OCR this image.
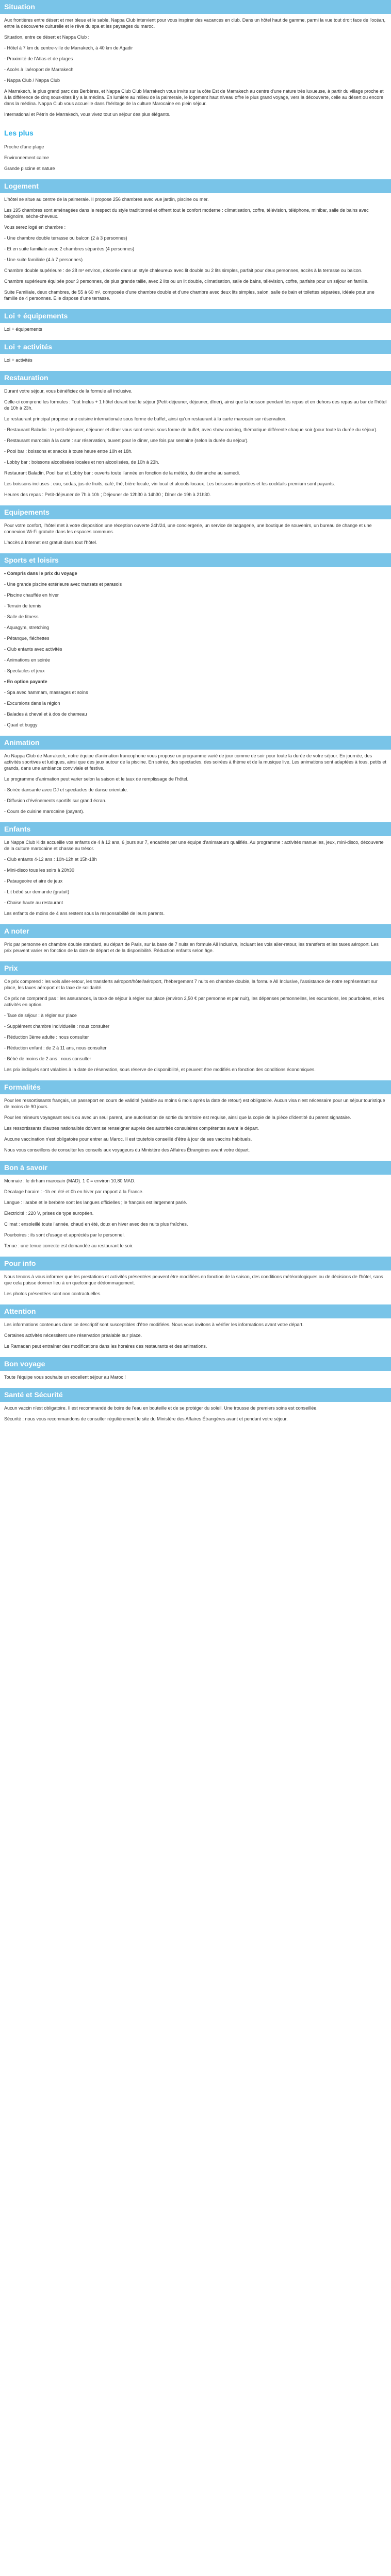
Situation

Aux frontières entre désert et mer bleue et le sable, Nappa Club intervient pour vous inspirer des vacances en club. Dans un hôtel haut de gamme, parmi la vue tout droit face de l'océan, entre la découverte culturelle et le rêve du spa et les paysages du maroc.

Situation, entre ce désert et Nappa Club :

- Hôtel à 7 km du centre-ville de Marrakech, à 40 km de Agadir

- Proximité de l'Atlas et de plages

- Accès à l'aéroport de Marrakech

- Nappa Club / Nappa Club

A Marrakech, le plus grand parc des Berbères, et Nappa Club Club Marrakech vous invite sur la côte Est de Marrakech au centre d'une nature très luxueuse, à partir du village proche et à la différence de cinq sous-sites il y a la médina. En lumière au milieu de la palmeraie, le logement haut niveau offre le plus grand voyage, vers la découverte, celle au désert ou encore dans la médina. Nappa Club vous accueille dans l'héritage de la culture Marocaine en plein séjour.

International et Pétrin de Marrakech, vous vivez tout un séjour des plus élégants.

Les plus

Proche d'une plage

Environnement calme

Grande piscine et nature

Logement

L'hôtel se situe au centre de la palmeraie. Il propose 256 chambres avec vue jardin, piscine ou mer.

Les 195 chambres sont aménagées dans le respect du style traditionnel et offrent tout le confort moderne : climatisation, coffre, télévision, téléphone, minibar, salle de bains avec baignoire, sèche-cheveux.

Vous serez logé en chambre :

- Une chambre double terrasse ou balcon (2 à 3 personnes)

- Et en suite familiale avec 2 chambres séparées (4 personnes)

- Une suite familiale (4 à 7 personnes)

Chambre double supérieure : de 28 m² environ, décorée dans un style chaleureux avec lit double ou 2 lits simples, parfait pour deux personnes, accès à la terrasse ou balcon.

Chambre supérieure équipée pour 3 personnes, de plus grande taille, avec 2 lits ou un lit double, climatisation, salle de bains, télévision, coffre, parfaite pour un séjour en famille.

Suite Familiale, deux chambres, de 55 à 60 m², composée d'une chambre double et d'une chambre avec deux lits simples, salon, salle de bain et toilettes séparées, idéale pour une famille de 4 personnes. Elle dispose d'une terrasse.

Loi + équipements

Loi + équipements

Loi + activités

Loi + activités

Restauration

Durant votre séjour, vous bénéficiez de la formule all inclusive.

Celle-ci comprend les formules : Tout Inclus + 1 hôtel durant tout le séjour (Petit-déjeuner, déjeuner, dîner), ainsi que la boisson pendant les repas et en dehors des repas au bar de l'hôtel de 10h à 23h.

Le restaurant principal propose une cuisine internationale sous forme de buffet, ainsi qu'un restaurant à la carte marocain sur réservation.

- Restaurant Baladin : le petit-déjeuner, déjeuner et dîner vous sont servis sous forme de buffet, avec show cooking, thématique différente chaque soir (pour toute la durée du séjour).

- Restaurant marocain à la carte : sur réservation, ouvert pour le dîner, une fois par semaine (selon la durée du séjour).

- Pool bar : boissons et snacks à toute heure entre 10h et 18h.

- Lobby bar : boissons alcoolisées locales et non alcoolisées, de 10h à 23h.

Restaurant Baladin, Pool bar et Lobby bar : ouverts toute l'année en fonction de la météo, du dimanche au samedi.

Les boissons incluses : eau, sodas, jus de fruits, café, thé, bière locale, vin local et alcools locaux. Les boissons importées et les cocktails premium sont payants.

Heures des repas : Petit-déjeuner de 7h à 10h ; Déjeuner de 12h30 à 14h30 ; Dîner de 19h à 21h30.

Equipements

Pour votre confort, l'hôtel met à votre disposition une réception ouverte 24h/24, une conciergerie, un service de bagagerie, une boutique de souvenirs, un bureau de change et une connexion Wi-Fi gratuite dans les espaces communs.

L'accès à Internet est gratuit dans tout l'hôtel.

Sports et loisirs

• Compris dans le prix du voyage

- Une grande piscine extérieure avec transats et parasols

- Piscine chauffée en hiver

- Terrain de tennis

- Salle de fitness

- Aquagym, stretching

- Pétanque, fléchettes

- Club enfants avec activités

- Animations en soirée

- Spectacles et jeux

• En option payante

- Spa avec hammam, massages et soins

- Excursions dans la région

- Balades à cheval et à dos de chameau

- Quad et buggy

Animation

Au Nappa Club de Marrakech, notre équipe d'animation francophone vous propose un programme varié de jour comme de soir pour toute la durée de votre séjour. En journée, des activités sportives et ludiques, ainsi que des jeux autour de la piscine. En soirée, des spectacles, des soirées à thème et de la musique live. Les animations sont adaptées à tous, petits et grands, dans une ambiance conviviale et festive.

Le programme d'animation peut varier selon la saison et le taux de remplissage de l'hôtel.

- Soirée dansante avec DJ et spectacles de danse orientale.

- Diffusion d'événements sportifs sur grand écran.

- Cours de cuisine marocaine (payant).

Enfants

Le Nappa Club Kids accueille vos enfants de 4 à 12 ans, 6 jours sur 7, encadrés par une équipe d'animateurs qualifiés. Au programme : activités manuelles, jeux, mini-disco, découverte de la culture marocaine et chasse au trésor.

- Club enfants 4-12 ans : 10h-12h et 15h-18h

- Mini-disco tous les soirs à 20h30

- Pataugeoire et aire de jeux

- Lit bébé sur demande (gratuit)

- Chaise haute au restaurant

Les enfants de moins de 4 ans restent sous la responsabilité de leurs parents.

A noter

Prix par personne en chambre double standard, au départ de Paris, sur la base de 7 nuits en formule All Inclusive, incluant les vols aller-retour, les transferts et les taxes aéroport. Les prix peuvent varier en fonction de la date de départ et de la disponibilité. Réduction enfants selon âge.

Prix

Ce prix comprend : les vols aller-retour, les transferts aéroport/hôtel/aéroport, l'hébergement 7 nuits en chambre double, la formule All Inclusive, l'assistance de notre représentant sur place, les taxes aéroport et la taxe de solidarité.

Ce prix ne comprend pas : les assurances, la taxe de séjour à régler sur place (environ 2,50 € par personne et par nuit), les dépenses personnelles, les excursions, les pourboires, et les activités en option.

- Taxe de séjour : à régler sur place

- Supplément chambre individuelle : nous consulter

- Réduction 3ème adulte : nous consulter

- Réduction enfant : de 2 à 11 ans, nous consulter

- Bébé de moins de 2 ans : nous consulter

Les prix indiqués sont valables à la date de réservation, sous réserve de disponibilité, et peuvent être modifiés en fonction des conditions économiques.

Formalités

Pour les ressortissants français, un passeport en cours de validité (valable au moins 6 mois après la date de retour) est obligatoire. Aucun visa n'est nécessaire pour un séjour touristique de moins de 90 jours.

Pour les mineurs voyageant seuls ou avec un seul parent, une autorisation de sortie du territoire est requise, ainsi que la copie de la pièce d'identité du parent signataire.

Les ressortissants d'autres nationalités doivent se renseigner auprès des autorités consulaires compétentes avant le départ.

Aucune vaccination n'est obligatoire pour entrer au Maroc. Il est toutefois conseillé d'être à jour de ses vaccins habituels.

Nous vous conseillons de consulter les conseils aux voyageurs du Ministère des Affaires Étrangères avant votre départ.

Bon à savoir

Monnaie : le dirham marocain (MAD). 1 € = environ 10,80 MAD.

Décalage horaire : -1h en été et 0h en hiver par rapport à la France.

Langue : l'arabe et le berbère sont les langues officielles ; le français est largement parlé.

Électricité : 220 V, prises de type européen.

Climat : ensoleillé toute l'année, chaud en été, doux en hiver avec des nuits plus fraîches.

Pourboires : ils sont d'usage et appréciés par le personnel.

Tenue : une tenue correcte est demandée au restaurant le soir.

Pour info

Nous tenons à vous informer que les prestations et activités présentées peuvent être modifiées en fonction de la saison, des conditions météorologiques ou de décisions de l'hôtel, sans que cela puisse donner lieu à un quelconque dédommagement.

Les photos présentées sont non contractuelles.

Attention

Les informations contenues dans ce descriptif sont susceptibles d'être modifiées. Nous vous invitons à vérifier les informations avant votre départ.

Certaines activités nécessitent une réservation préalable sur place.

Le Ramadan peut entraîner des modifications dans les horaires des restaurants et des animations.

Bon voyage

Toute l'équipe vous souhaite un excellent séjour au Maroc !

Santé et Sécurité

Aucun vaccin n'est obligatoire. Il est recommandé de boire de l'eau en bouteille et de se protéger du soleil. Une trousse de premiers soins est conseillée.

Sécurité : nous vous recommandons de consulter régulièrement le site du Ministère des Affaires Étrangères avant et pendant votre séjour.
